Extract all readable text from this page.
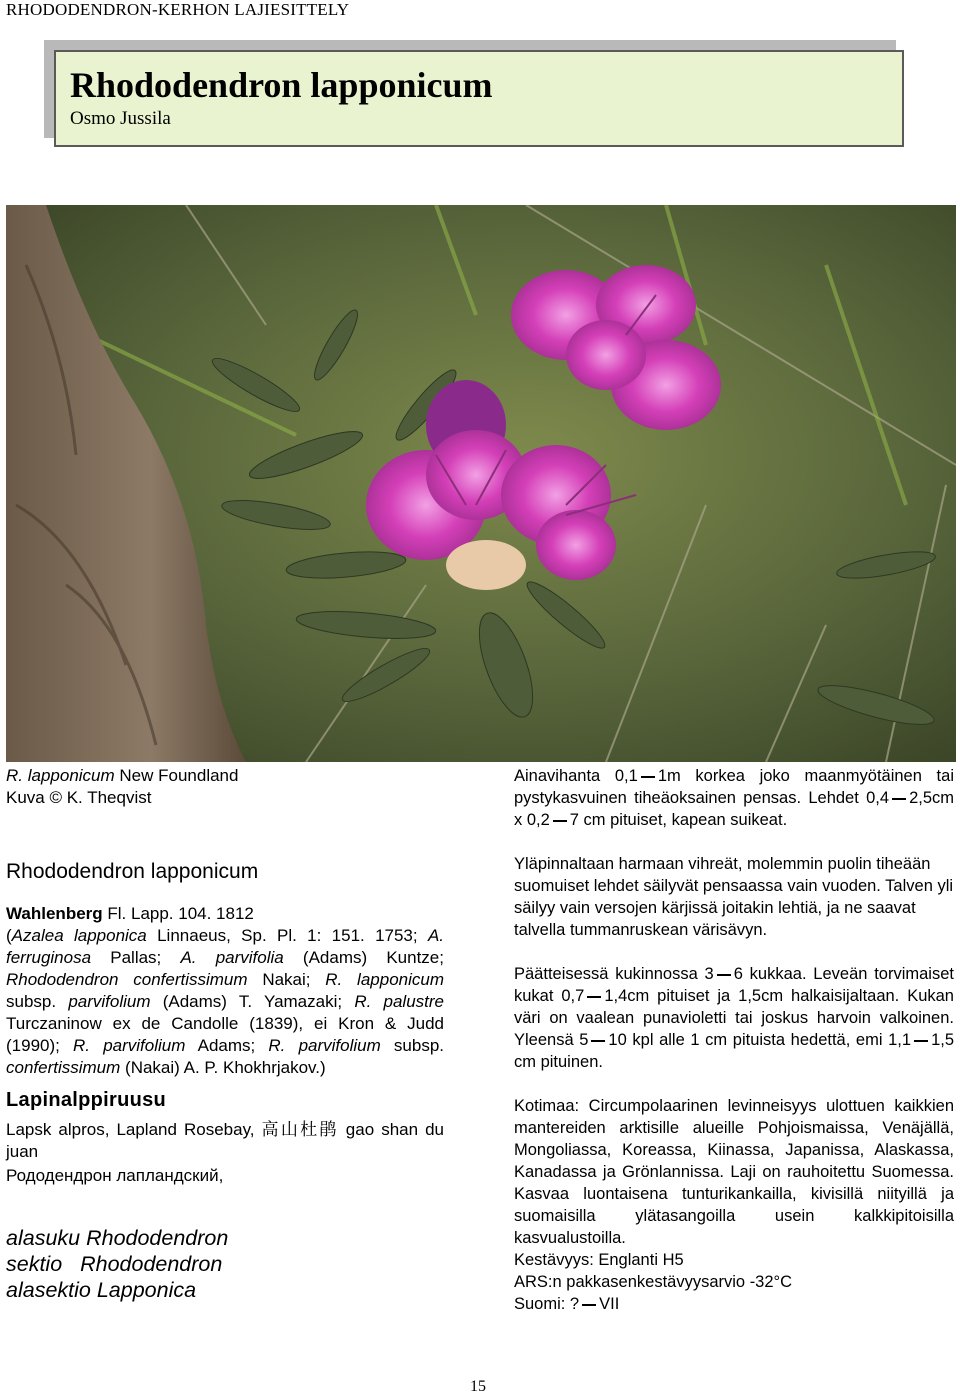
RHODODENDRON-KERHON LAJIESITTELY
Rhododendron lapponicum
Osmo Jussila

R. lapponicum New Foundland
Kuva © K. Theqvist

Rhododendron lapponicum

Wahlenberg Fl. Lapp. 104. 1812
(Azalea lapponica Linnaeus, Sp. Pl. 1: 151. 1753; A. ferruginosa Pallas; A. parvifolia (Adams) Kuntze; Rhododendron confertissimum Nakai; R. lapponicum subsp. parvifolium (Adams) T. Yamazaki; R. palustre Turczaninow ex de Candolle (1839), ei Kron & Judd (1990); R. parvifolium Adams; R. parvifolium subsp. confertissimum (Nakai) A. P. Khokhrjakov.)

Lapinalppiruusu

Lapsk alpros, Lapland Rosebay, 高山杜鹃 gao shan du juan

Рододендрон лапландский,

alasuku Rhododendron

sektio   Rhododendron

alasektio Lapponica

Ainavihanta 0,1 1m korkea joko maanmyötäinen tai pystykasvuinen tiheäoksainen pensas. Lehdet 0,4 2,5cm x 0,2 7 cm pituiset, kapean suikeat.

Yläpinnaltaan harmaan vihreät, molemmin puolin tiheään suomuiset lehdet säilyvät pensaassa vain vuoden. Talven yli säilyy vain versojen kärjissä joitakin lehtiä, ja ne saavat talvella tummanruskean värisävyn.

Päätteisessä kukinnossa 3 6 kukkaa. Leveän torvimaiset kukat 0,7 1,4cm pituiset ja 1,5cm halkaisijaltaan. Kukan väri on vaalean punavioletti tai joskus harvoin valkoinen. Yleensä 5 10 kpl alle 1 cm pituista hedettä, emi 1,1 1,5 cm pituinen.

Kotimaa: Circumpolaarinen levinneisyys ulottuen kaikkien mantereiden arktisille alueille Pohjoismaissa, Venäjällä, Mongoliassa, Koreassa, Kiinassa, Japanissa, Alaskassa, Kanadassa ja Grönlannissa. Laji on rauhoitettu Suomessa. Kasvaa luontaisena tunturikankailla, kivisillä niityillä ja suomaisilla ylätasangoilla usein kalkkipitoisilla kasvualustoilla.

Kestävyys: Englanti H5

ARS:n pakkasenkestävyysarvio -32°C

Suomi: ? VII

15
